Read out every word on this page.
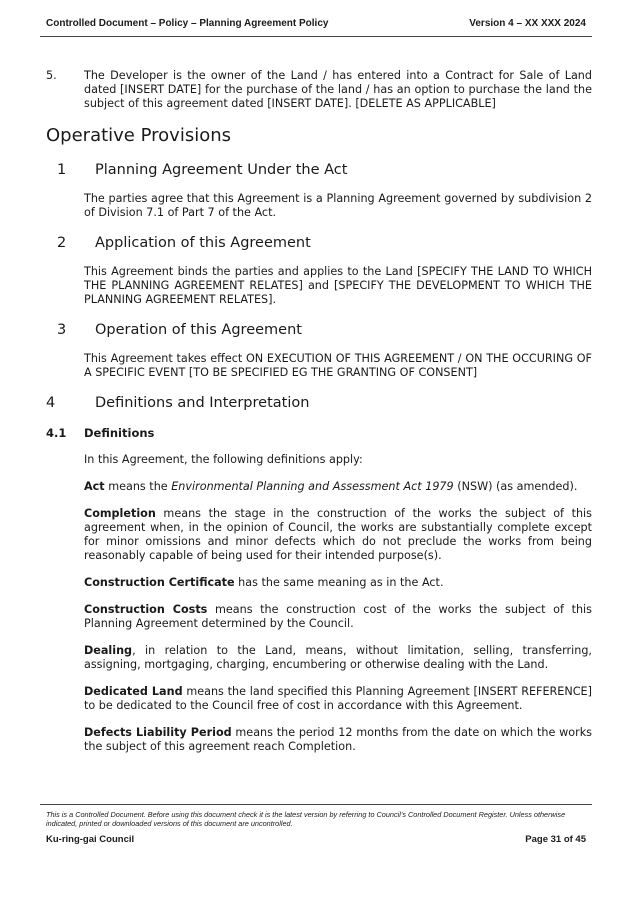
Controlled Document – Policy – Planning Agreement Policy	Version 4 – XX XXX 2024
5. The Developer is the owner of the Land / has entered into a Contract for Sale of Land dated [INSERT DATE] for the purchase of the land / has an option to purchase the land the subject of this agreement dated [INSERT DATE]. [DELETE AS APPLICABLE]
Operative Provisions
1 Planning Agreement Under the Act

The parties agree that this Agreement is a Planning Agreement governed by subdivision 2 of Division 7.1 of Part 7 of the Act.

2 Application of this Agreement

This Agreement binds the parties and applies to the Land [SPECIFY THE LAND TO WHICH THE PLANNING AGREEMENT RELATES] and [SPECIFY THE DEVELOPMENT TO WHICH THE PLANNING AGREEMENT RELATES].

3 Operation of this Agreement

This Agreement takes effect ON EXECUTION OF THIS AGREEMENT / ON THE OCCURING OF A SPECIFIC EVENT [TO BE SPECIFIED EG THE GRANTING OF CONSENT]

4	Definitions and Interpretation
4.1 Definitions

In this Agreement, the following definitions apply:

Act means the Environmental Planning and Assessment Act 1979 (NSW) (as amended).

Completion means the stage in the construction of the works the subject of this agreement when, in the opinion of Council, the works are substantially complete except for minor omissions and minor defects which do not preclude the works from being reasonably capable of being used for their intended purpose(s).

Construction Certificate has the same meaning as in the Act.

Construction Costs means the construction cost of the works the subject of this Planning Agreement determined by the Council.

Dealing, in relation to the Land, means, without limitation, selling, transferring, assigning, mortgaging, charging, encumbering or otherwise dealing with the Land.

Dedicated Land means the land specified this Planning Agreement [INSERT REFERENCE] to be dedicated to the Council free of cost in accordance with this Agreement.

Defects Liability Period means the period 12 months from the date on which the works the subject of this agreement reach Completion.

This is a Controlled Document. Before using this document check it is the latest version by referring to Council’s Controlled Document Register. Unless otherwise indicated, printed or downloaded versions of this document are uncontrolled.
Ku-ring-gai Council	Page 31 of 45
